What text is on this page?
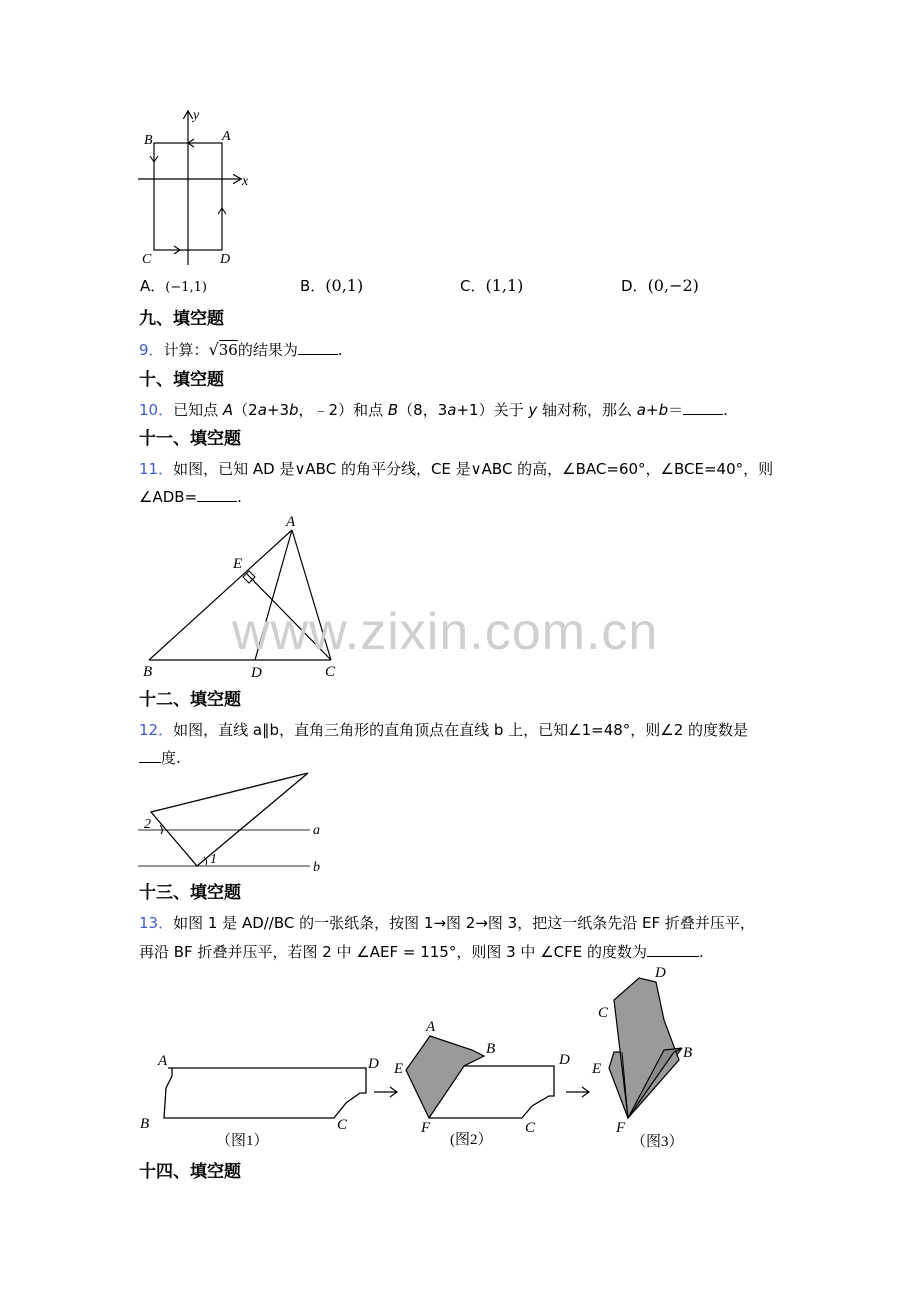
x
y
B	A
C	D
A．(−1,1)	B．(0,1)	C．(1,1)	D．(0,−2)
九、填空题
9．计算：√36的结果为	.
十、填空题
10．已知点 A（2a+3b，﹣2）和点 B（8，3a+1）关于 y 轴对称，那么 a+b＝	.
十一、填空题
11．如图，已知 AD 是∨ABC 的角平分线，CE 是∨ABC 的高，∠BAC=60°，∠BCE=40°，则
∠ADB=	.
A
B	C
D
E
www.zixin.com.cn
十二、填空题
12．如图，直线 a∥b，直角三角形的直角顶点在直线 b 上，已知∠1=48°，则∠2 的度数是
度.
a
b
1
2
十三、填空题
13．如图 1 是 AD//BC 的一张纸条，按图 1→图 2→图 3，把这一纸条先沿 EF 折叠并压平，
再沿 BF 折叠并压平，若图 2 中 ∠AEF = 115°，则图 3 中 ∠CFE 的度数为	.
A
B	C
D
（图1）
A
B
C
D
E
F
(图2）
D
C
B
E
F
（图3）
十四、填空题
